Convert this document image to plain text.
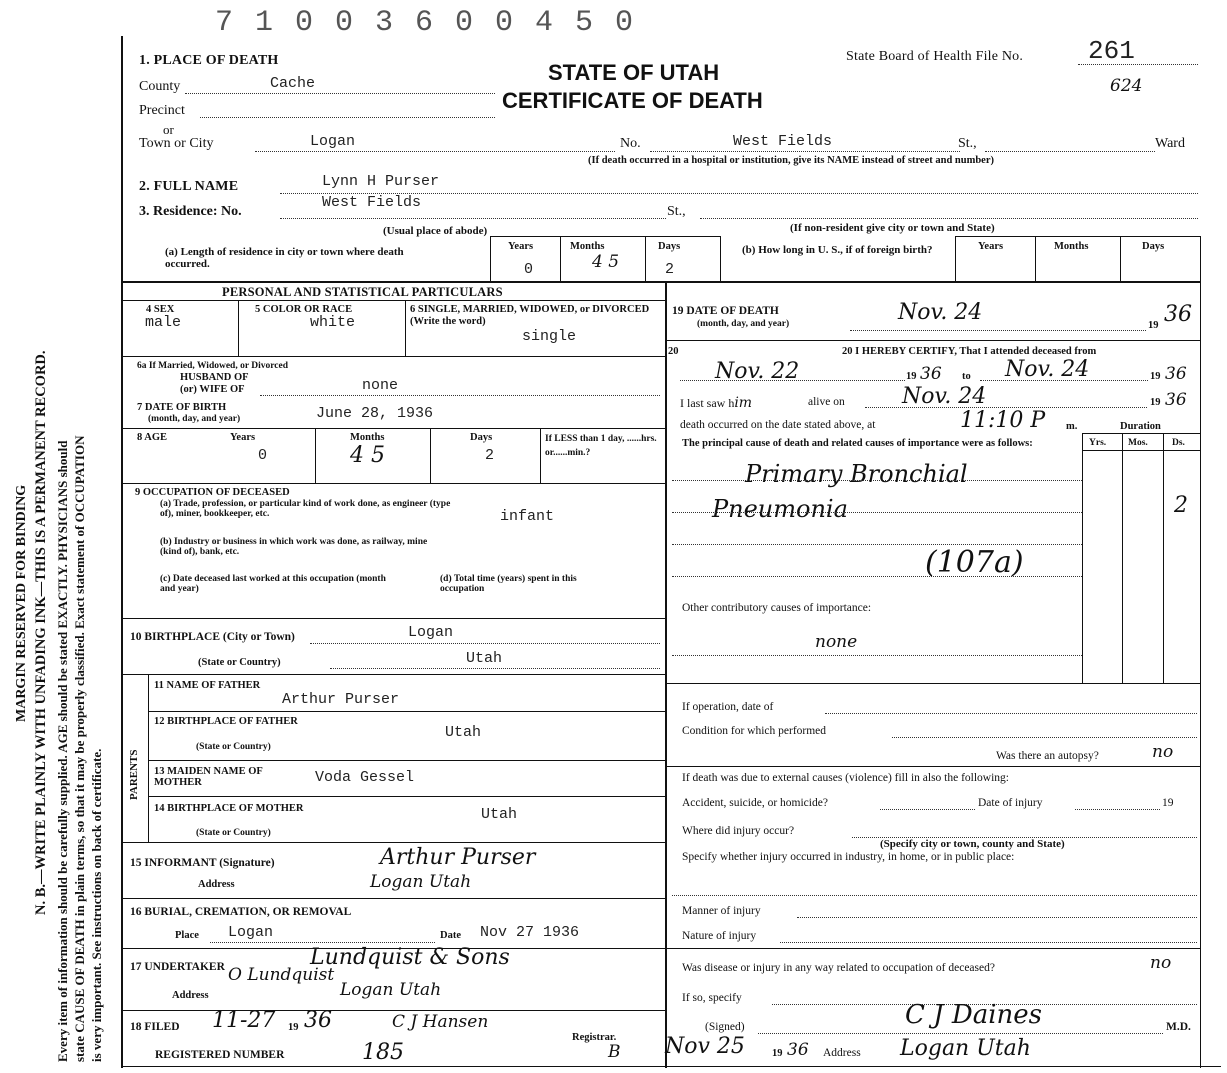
MARGIN RESERVED FOR BINDING N. B.—WRITE PLAINLY WITH UNFADING INK—THIS IS A PERMANENT RECORD. Every item of information should be carefully supplied. AGE should be stated EXACTLY. PHYSICIANS should state CAUSE OF DEATH in plain terms, so that it may be properly classified. Exact statement of OCCUPATION is very important. See instructions on back of certificate.
7 1 0 0 3 6 0 0 4 5 0
STATE OF UTAH
CERTIFICATE OF DEATH
State Board of Health File No. 261
624
1. PLACE OF DEATH
County	Cache
Precinct
or
Town or City	Logan	No.	West Fields	St.,	Ward
(If death occurred in a hospital or institution, give its NAME instead of street and number)
2. FULL NAME	Lynn H Purser
3. Residence: No.
West Fields
St.,
(Usual place of abode)	(If non-resident give city or town and State)
(a) Length of residence in city or town where death occurred.
Years	Months	Days
0	4 5	2
(b) How long in U. S., if of foreign birth?	Years	Months	Days
PERSONAL AND STATISTICAL PARTICULARS
4 SEX
male
5 COLOR OR RACE
white
6 SINGLE, MARRIED, WIDOWED, or DIVORCED (Write the word)
single
6a If Married, Widowed, or Divorced
HUSBAND OF
(or) WIFE OF	none
7 DATE OF BIRTH
(month, day, and year)	June 28, 1936
8 AGE	Years	Months	Days
0	4 5	2
If LESS than 1 day, ......hrs. or......min.?
9 OCCUPATION OF DECEASED
(a) Trade, profession, or particular kind of work done, as engineer (type of), miner, bookkeeper, etc.	infant
(b) Industry or business in which work was done, as railway, mine (kind of), bank, etc.
(c) Date deceased last worked at this occupation (month and year)
(d) Total time (years) spent in this occupation
10 BIRTHPLACE (City or Town)	Logan
(State or Country)	Utah
PARENTS
11 NAME OF FATHER
Arthur Purser
12 BIRTHPLACE OF FATHER
(State or Country)
Utah
13 MAIDEN NAME OF MOTHER	Voda Gessel
14 BIRTHPLACE OF MOTHER
(State or Country)
Utah
15 INFORMANT (Signature)	Arthur Purser
Address	Logan Utah
16 BURIAL, CREMATION, OR REMOVAL
Place Logan	Date Nov 27 1936
17 UNDERTAKER	Lundquist & Sons
O Lundquist
Address	Logan Utah
18 FILED 11-27 19 36	C J Hansen
Registrar.
REGISTERED NUMBER	185	B
19 DATE OF DEATH
(month, day, and year)	Nov. 24
19 36
20	20 I HEREBY CERTIFY, That I attended deceased from
Nov. 22	19 36 to Nov. 24	19 36
I last saw him	alive on	Nov. 24	19 36
death occurred on the date stated above, at	11:10 P m.	Duration
The principal cause of death and related causes of importance were as follows:	Yrs. Mos.	Ds.
Primary Bronchial
Pneumonia	2
(107a)
Other contributory causes of importance:
none
If operation, date of
Condition for which performed
Was there an autopsy?	no
If death was due to external causes (violence) fill in also the following:
Accident, suicide, or homicide?	Date of injury	19
Where did injury occur?
(Specify city or town, county and State)
Specify whether injury occurred in industry, in home, or in public place:
Manner of injury
Nature of injury
Was disease or injury in any way related to occupation of deceased?	no
If so, specify
(Signed)	C J Daines	M.D.
Nov 25	19 36 Address Logan Utah
